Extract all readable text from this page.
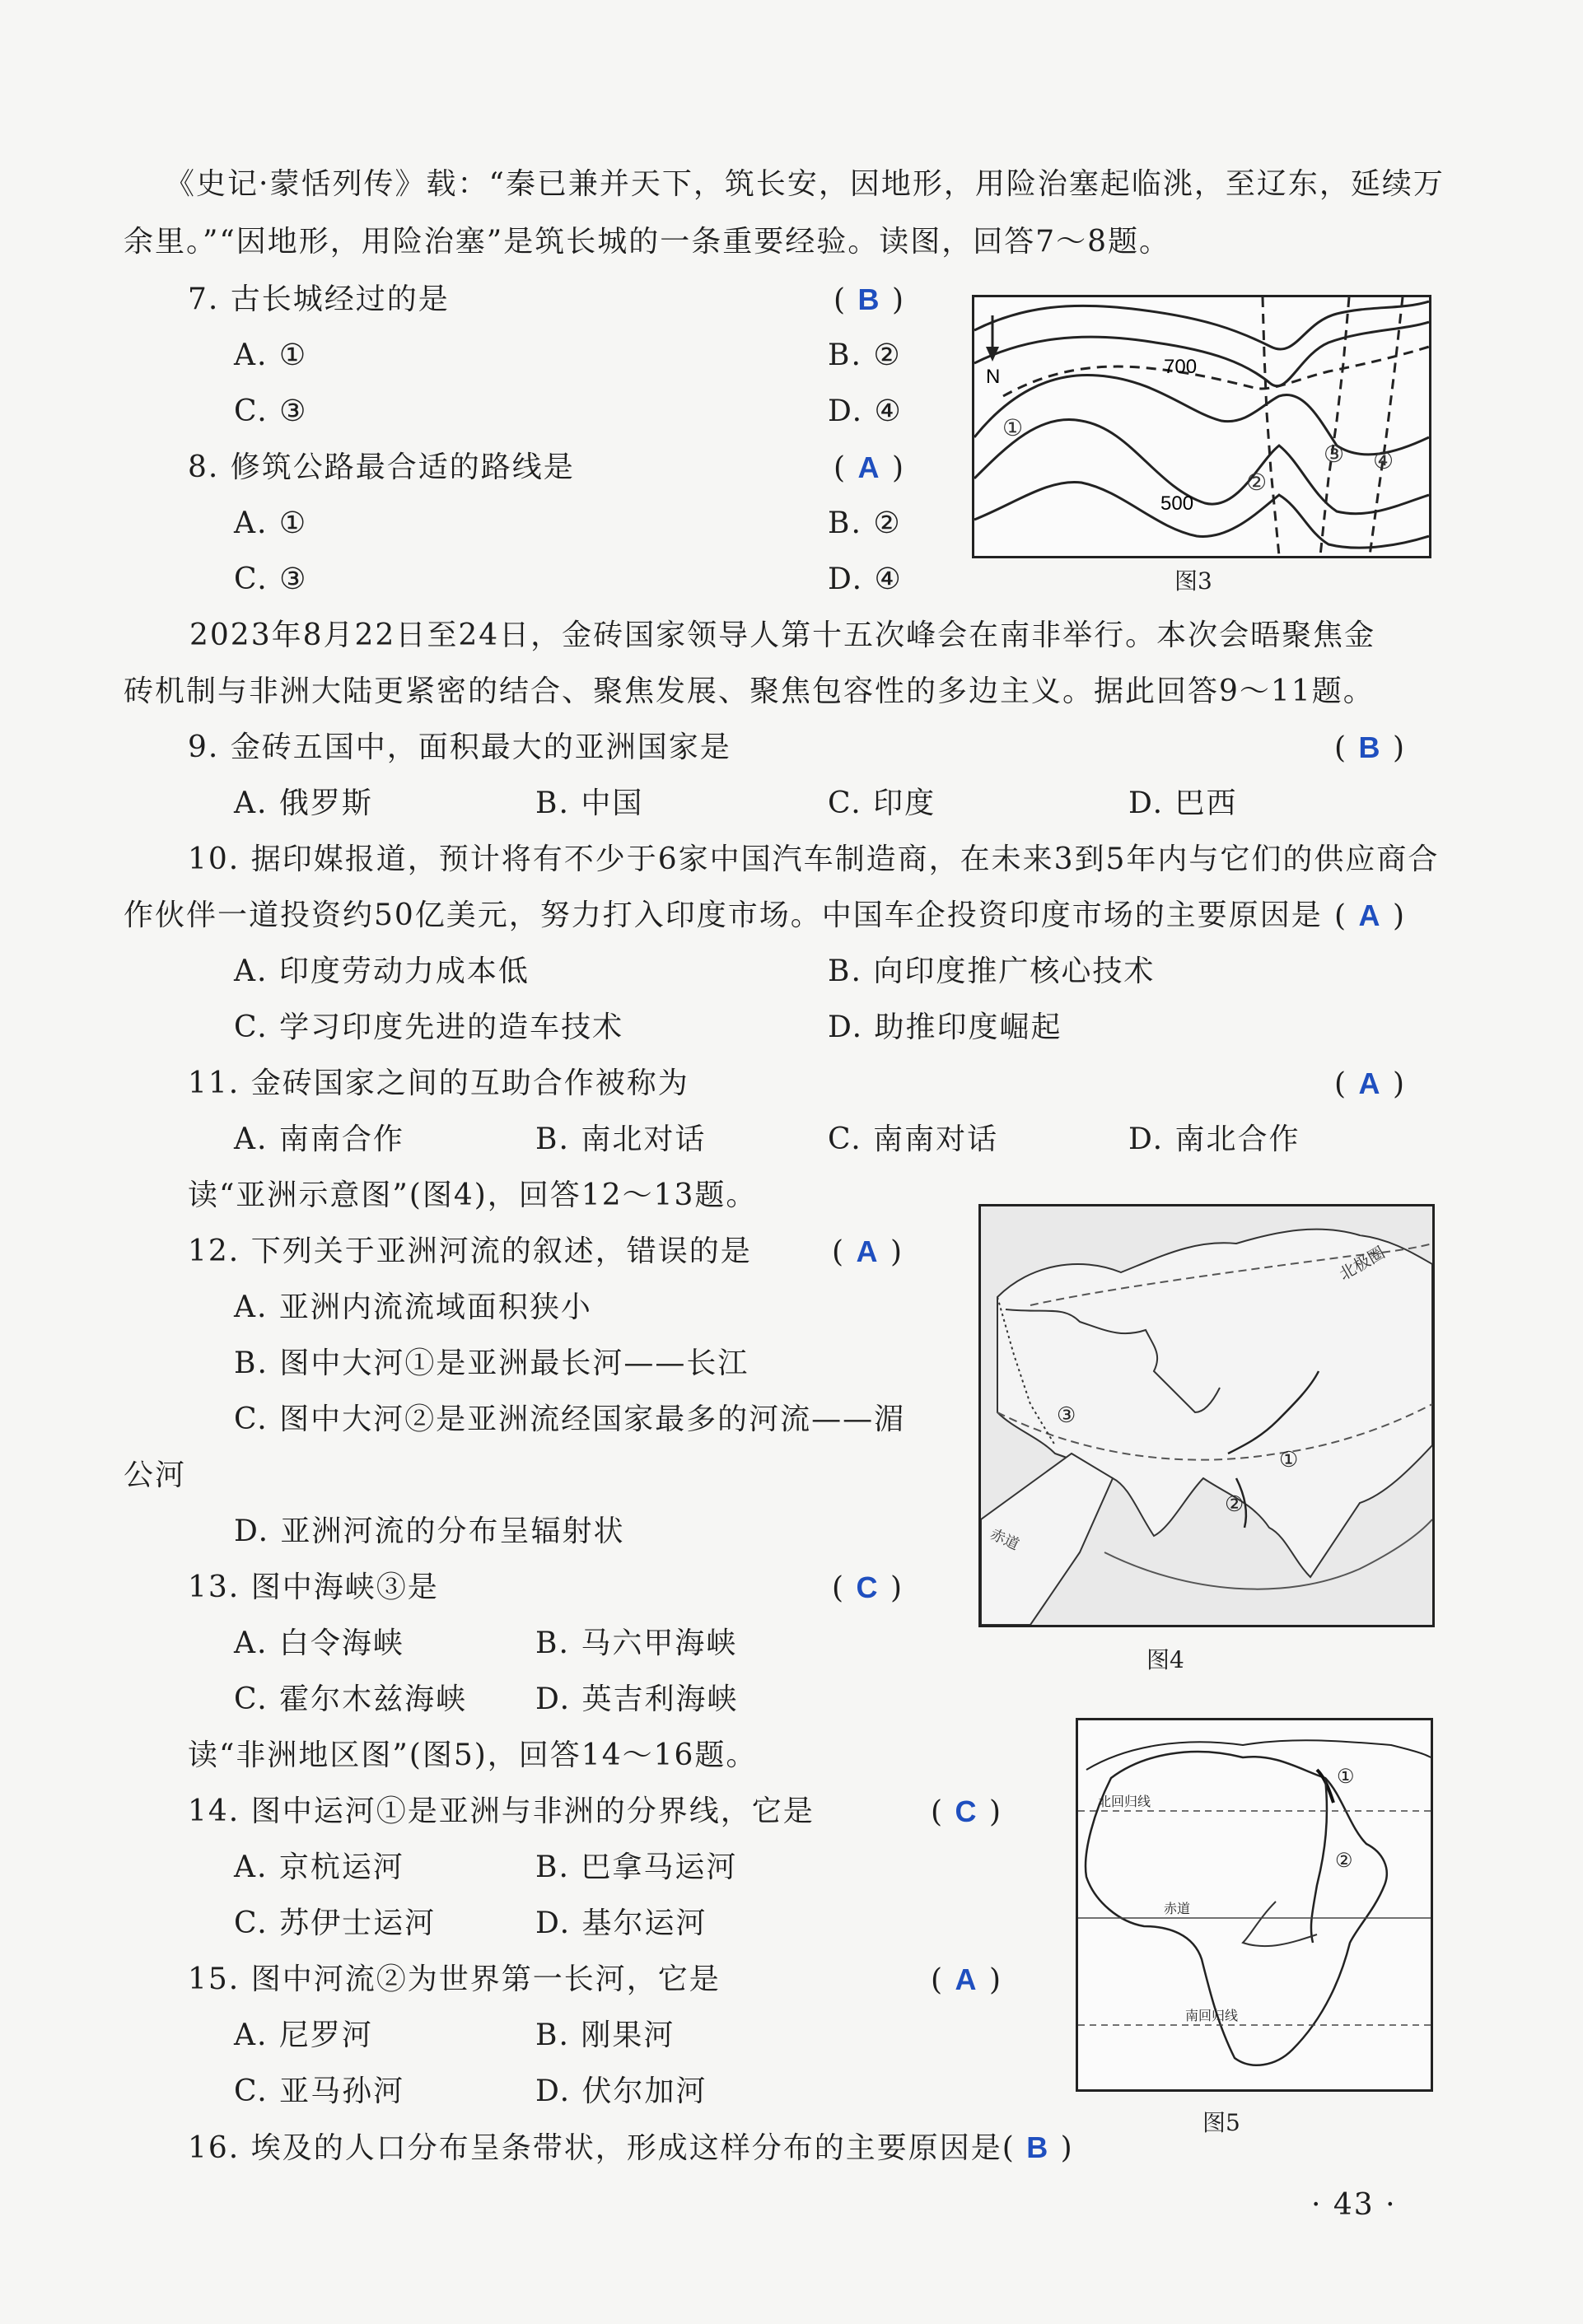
《史记·蒙恬列传》载：“秦已兼并天下，筑长安，因地形，用险治塞起临洮，至辽东，延续万
余里。”“因地形，用险治塞”是筑长城的一条重要经验。读图，回答7～8题。
7. 古长城经过的是	( B )
A. ①	B. ②
C. ③	D. ④
8. 修筑公路最合适的路线是	( A )
A. ①	B. ②
C. ③	D. ④
N	700
500
①
②
③ ④
图3
2023年8月22日至24日，金砖国家领导人第十五次峰会在南非举行。本次会晤聚焦金
砖机制与非洲大陆更紧密的结合、聚焦发展、聚焦包容性的多边主义。据此回答9～11题。
9. 金砖五国中，面积最大的亚洲国家是	( B )
A. 俄罗斯	B. 中国	C. 印度	D. 巴西
10. 据印媒报道，预计将有不少于6家中国汽车制造商，在未来3到5年内与它们的供应商合
作伙伴一道投资约50亿美元，努力打入印度市场。中国车企投资印度市场的主要原因是 ( A )
A. 印度劳动力成本低	B. 向印度推广核心技术
C. 学习印度先进的造车技术	D. 助推印度崛起
11. 金砖国家之间的互助合作被称为	( A )
A. 南南合作	B. 南北对话	C. 南南对话	D. 南北合作
读“亚洲示意图”(图4)，回答12～13题。
12. 下列关于亚洲河流的叙述，错误的是	( A )
A. 亚洲内流流域面积狭小
B. 图中大河①是亚洲最长河——长江
C. 图中大河②是亚洲流经国家最多的河流——湄
公河
D. 亚洲河流的分布呈辐射状
13. 图中海峡③是	( C )
A. 白令海峡	B. 马六甲海峡
C. 霍尔木兹海峡 D. 英吉利海峡
北极圈
赤道
①
②
③
图4
读“非洲地区图”(图5)，回答14～16题。
14. 图中运河①是亚洲与非洲的分界线，它是	( C )
A. 京杭运河	B. 巴拿马运河
C. 苏伊士运河	D. 基尔运河
15. 图中河流②为世界第一长河，它是	( A )
A. 尼罗河	B. 刚果河
C. 亚马孙河	D. 伏尔加河
16. 埃及的人口分布呈条带状，形成这样分布的主要原因是( B )
北回归线
赤道
南回归线
①
②
图5
· 43 ·
